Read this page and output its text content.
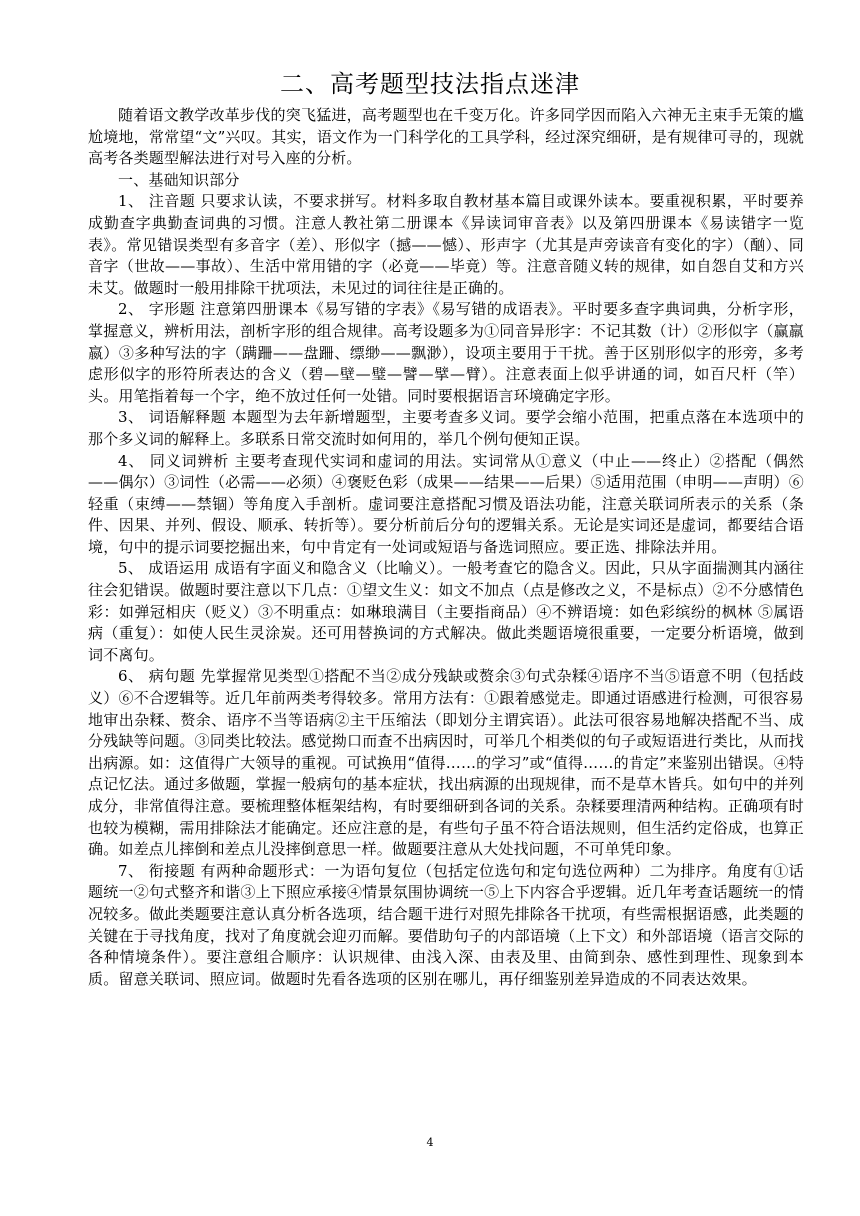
二、高考题型技法指点迷津

随着语文教学改革步伐的突飞猛进，高考题型也在千变万化。许多同学因而陷入六神无主束手无策的尴尬境地，常常望“文”兴叹。其实，语文作为一门科学化的工具学科，经过深究细研，是有规律可寻的，现就高考各类题型解法进行对号入座的分析。

一、基础知识部分

1、 注音题 只要求认读，不要求拼写。材料多取自教材基本篇目或课外读本。要重视积累，平时要养成勤查字典勤查词典的习惯。注意人教社第二册课本《异读词审音表》以及第四册课本《易读错字一览表》。常见错误类型有多音字（差）、形似字（撼——憾）、形声字（尤其是声旁读音有变化的字）（酗）、同音字（世故——事故）、生活中常用错的字（必竟——毕竟）等。注意音随义转的规律，如自怨自艾和方兴未艾。做题时一般用排除干扰项法，未见过的词往往是正确的。

2、 字形题 注意第四册课本《易写错的字表》《易写错的成语表》。平时要多查字典词典，分析字形，掌握意义，辨析用法，剖析字形的组合规律。高考设题多为①同音异形字：不记其数（计）②形似字（赢羸嬴）③多种写法的字（蹒跚——盘跚、缥缈——飘渺），设项主要用于干扰。善于区别形似字的形旁，多考虑形似字的形符所表达的含义（碧—壁—璧—譬—擘—臂）。注意表面上似乎讲通的词，如百尺杆（竿）头。用笔指着每一个字，绝不放过任何一处错。同时要根据语言环境确定字形。

3、 词语解释题 本题型为去年新增题型，主要考查多义词。要学会缩小范围，把重点落在本选项中的那个多义词的解释上。多联系日常交流时如何用的，举几个例句便知正误。

4、 同义词辨析 主要考查现代实词和虚词的用法。实词常从①意义（中止——终止）②搭配（偶然——偶尔）③词性（必需——必须）④褒贬色彩（成果——结果——后果）⑤适用范围（申明——声明）⑥轻重（束缚——禁锢）等角度入手剖析。虚词要注意搭配习惯及语法功能，注意关联词所表示的关系（条件、因果、并列、假设、顺承、转折等）。要分析前后分句的逻辑关系。无论是实词还是虚词，都要结合语境，句中的提示词要挖掘出来，句中肯定有一处词或短语与备选词照应。要正选、排除法并用。

5、 成语运用 成语有字面义和隐含义（比喻义）。一般考查它的隐含义。因此，只从字面揣测其内涵往往会犯错误。做题时要注意以下几点：①望文生义：如文不加点（点是修改之义，不是标点）②不分感情色彩：如弹冠相庆（贬义）③不明重点：如琳琅满目（主要指商品）④不辨语境：如色彩缤纷的枫林 ⑤属语病（重复）：如使人民生灵涂炭。还可用替换词的方式解决。做此类题语境很重要，一定要分析语境，做到词不离句。

6、 病句题 先掌握常见类型①搭配不当②成分残缺或赘余③句式杂糅④语序不当⑤语意不明（包括歧义）⑥不合逻辑等。近几年前两类考得较多。常用方法有：①跟着感觉走。即通过语感进行检测，可很容易地审出杂糅、赘余、语序不当等语病②主干压缩法（即划分主谓宾语）。此法可很容易地解决搭配不当、成分残缺等问题。③同类比较法。感觉拗口而查不出病因时，可举几个相类似的句子或短语进行类比，从而找出病源。如：这值得广大领导的重视。可试换用“值得……的学习”或“值得……的肯定”来鉴别出错误。④特点记忆法。通过多做题，掌握一般病句的基本症状，找出病源的出现规律，而不是草木皆兵。如句中的并列成分，非常值得注意。要梳理整体框架结构，有时要细研到各词的关系。杂糅要理清两种结构。正确项有时也较为模糊，需用排除法才能确定。还应注意的是，有些句子虽不符合语法规则，但生活约定俗成，也算正确。如差点儿摔倒和差点儿没摔倒意思一样。做题要注意从大处找问题，不可单凭印象。

7、 衔接题 有两种命题形式：一为语句复位（包括定位选句和定句选位两种）二为排序。角度有①话题统一②句式整齐和谐③上下照应承接④情景氛围协调统一⑤上下内容合乎逻辑。近几年考查话题统一的情况较多。做此类题要注意认真分析各选项，结合题干进行对照先排除各干扰项，有些需根据语感，此类题的关键在于寻找角度，找对了角度就会迎刃而解。要借助句子的内部语境（上下文）和外部语境（语言交际的各种情境条件）。要注意组合顺序：认识规律、由浅入深、由表及里、由简到杂、感性到理性、现象到本质。留意关联词、照应词。做题时先看各选项的区别在哪儿，再仔细鉴别差异造成的不同表达效果。

4
